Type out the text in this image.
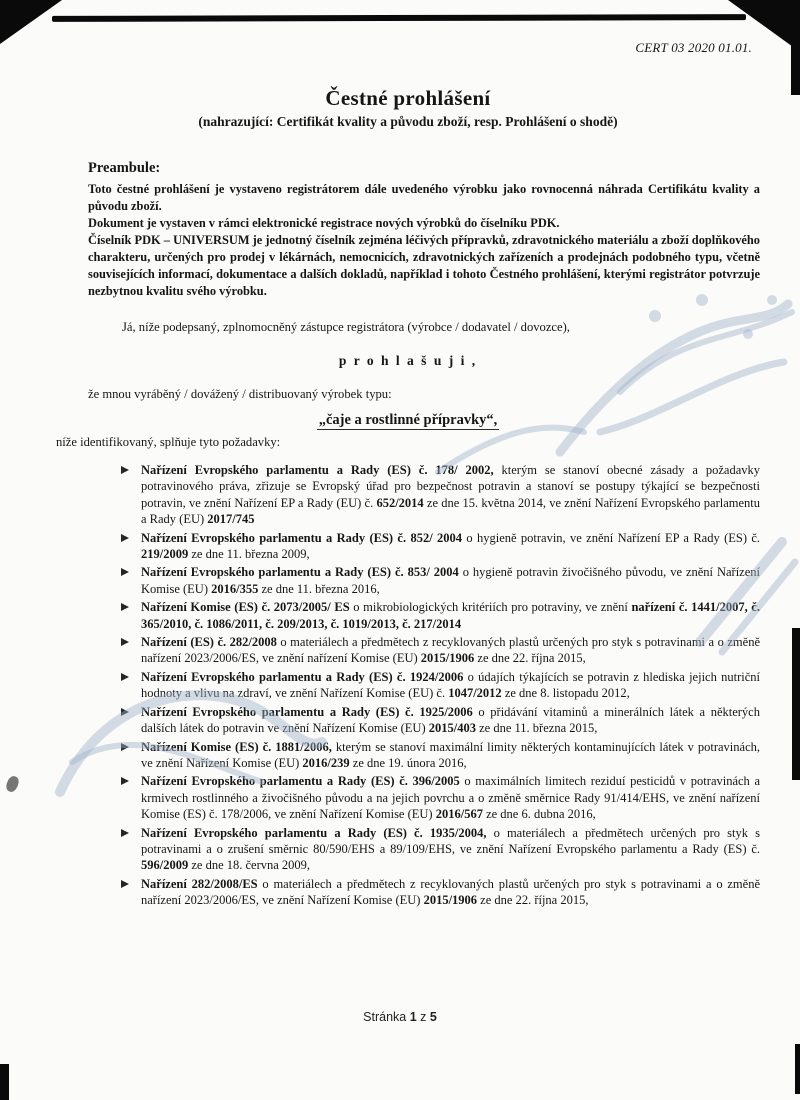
CERT 03 2020 01.01.
Čestné prohlášení
(nahrazující: Certifikát kvality a původu zboží, resp. Prohlášení o shodě)
Preambule:
Toto čestné prohlášení je vystaveno registrátorem dále uvedeného výrobku jako rovnocenná náhrada Certifikátu kvality a původu zboží.
Dokument je vystaven v rámci elektronické registrace nových výrobků do číselníku PDK.
Číselník PDK – UNIVERSUM je jednotný číselník zejména léčivých přípravků, zdravotnického materiálu a zboží doplňkového charakteru, určených pro prodej v lékárnách, nemocnicích, zdravotnických zařízeních a prodejnách podobného typu, včetně souvisejících informací, dokumentace a dalších dokladů, například i tohoto Čestného prohlášení, kterými registrátor potvrzuje nezbytnou kvalitu svého výrobku.
Já, níže podepsaný, zplnomocněný zástupce registrátora (výrobce / dodavatel / dovozce),
p r o h l a š u j i ,
že mnou vyráběný / dovážený / distribuovaný výrobek typu:
„čaje a rostlinné přípravky“,
níže identifikovaný, splňuje tyto požadavky:
Nařízení Evropského parlamentu a Rady (ES) č. 178/ 2002, kterým se stanoví obecné zásady a požadavky potravinového práva, zřizuje se Evropský úřad pro bezpečnost potravin a stanoví se postupy týkající se bezpečnosti potravin, ve znění Nařízení EP a Rady (EU) č. 652/2014 ze dne 15. května 2014, ve znění Nařízení Evropského parlamentu a Rady (EU) 2017/745
Nařízení Evropského parlamentu a Rady (ES) č. 852/ 2004 o hygieně potravin, ve znění Nařízení EP a Rady (ES) č. 219/2009 ze dne 11. března 2009,
Nařízení Evropského parlamentu a Rady (ES) č. 853/ 2004 o hygieně potravin živočišného původu, ve znění Nařízení Komise (EU) 2016/355 ze dne 11. března 2016,
Nařízení Komise (ES) č. 2073/2005/ ES o mikrobiologických kritériích pro potraviny, ve znění nařízení č. 1441/2007, č. 365/2010, č. 1086/2011, č. 209/2013, č. 1019/2013, č. 217/2014
Nařízení (ES) č. 282/2008 o materiálech a předmětech z recyklovaných plastů určených pro styk s potravinami a o změně nařízení 2023/2006/ES, ve znění nařízení Komise (EU) 2015/1906 ze dne 22. října 2015,
Nařízení Evropského parlamentu a Rady (ES) č. 1924/2006 o údajích týkajících se potravin z hlediska jejich nutriční hodnoty a vlivu na zdraví, ve znění Nařízení Komise (EU) č. 1047/2012 ze dne 8. listopadu 2012,
Nařízení Evropského parlamentu a Rady (ES) č. 1925/2006 o přidávání vitaminů a minerálních látek a některých dalších látek do potravin ve znění Nařízení Komise (EU) 2015/403 ze dne 11. března 2015,
Nařízení Komise (ES) č. 1881/2006, kterým se stanoví maximální limity některých kontaminujících látek v potravinách, ve znění Nařízení Komise (EU) 2016/239 ze dne 19. února 2016,
Nařízení Evropského parlamentu a Rady (ES) č. 396/2005 o maximálních limitech reziduí pesticidů v potravinách a krmivech rostlinného a živočišného původu a na jejich povrchu a o změně směrnice Rady 91/414/EHS, ve znění nařízení Komise (ES) č. 178/2006, ve znění Nařízení Komise (EU) 2016/567 ze dne 6. dubna 2016,
Nařízení Evropského parlamentu a Rady (ES) č. 1935/2004, o materiálech a předmětech určených pro styk s potravinami a o zrušení směrnic 80/590/EHS a 89/109/EHS, ve znění Nařízení Evropského parlamentu a Rady (ES) č. 596/2009 ze dne 18. června 2009,
Nařízení 282/2008/ES o materiálech a předmětech z recyklovaných plastů určených pro styk s potravinami a o změně nařízení 2023/2006/ES, ve znění Nařízení Komise (EU) 2015/1906 ze dne 22. října 2015,
Stránka 1 z 5
